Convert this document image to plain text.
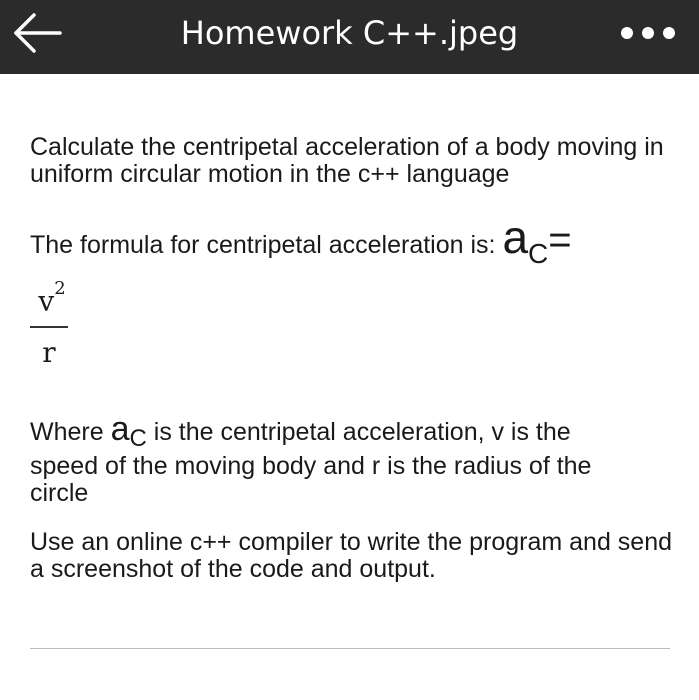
Homework C++.jpeg

Calculate the centripetal acceleration of a body moving in uniform circular motion in the c++ language

The formula for centripetal acceleration is: aC=

$v^2$
r

Where aC is the centripetal acceleration, v is the
speed of the moving body and r is the radius of the
circle

Use an online c++ compiler to write the program and send a screenshot of the code and output.
